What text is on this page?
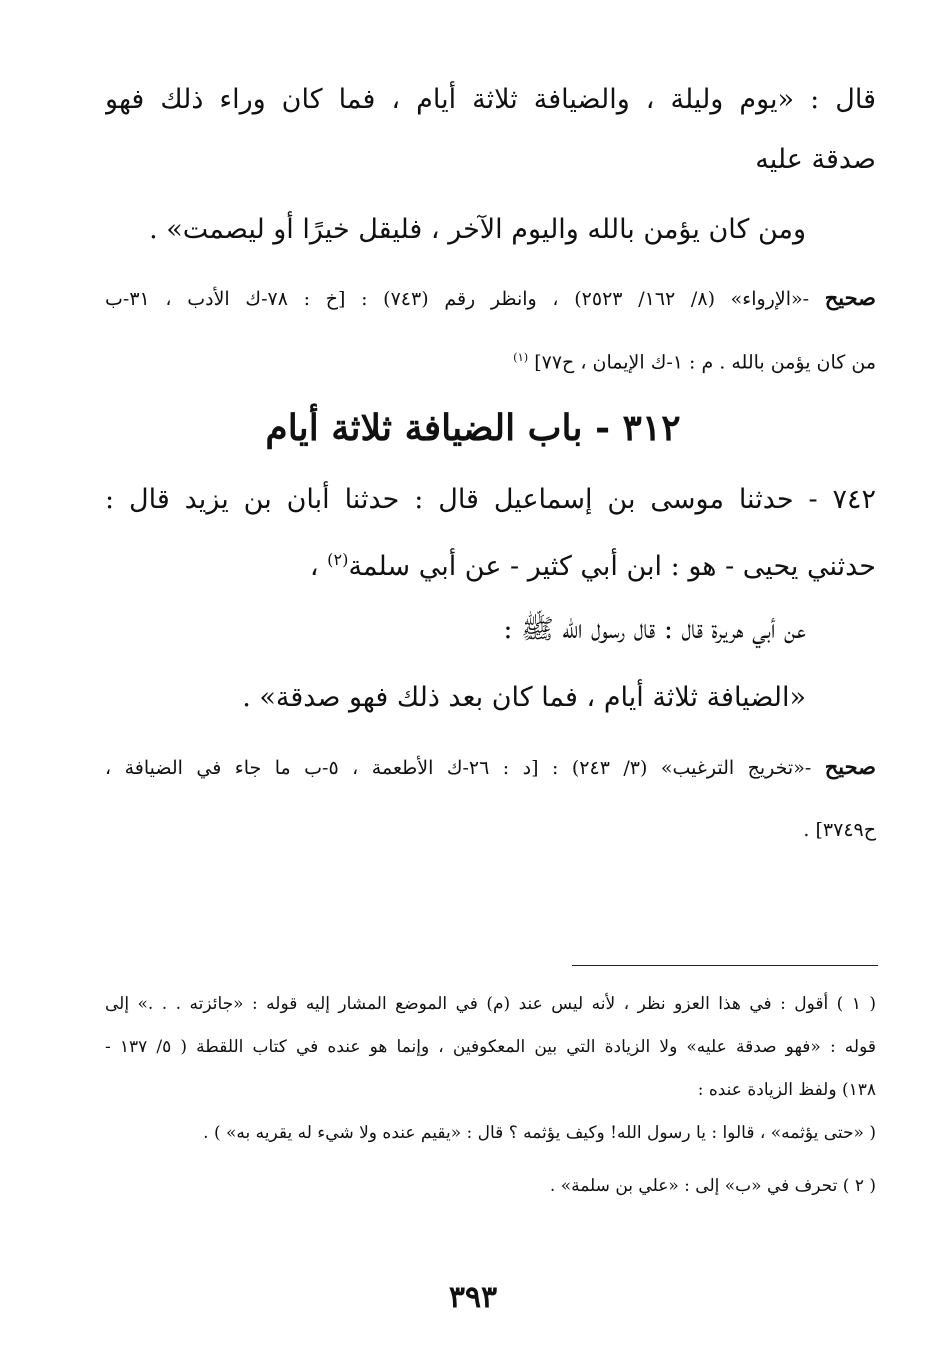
قال : «يوم وليلة ، والضيافة ثلاثة أيام ، فما كان وراء ذلك فهو
صدقة عليه
ومن كان يؤمن بالله واليوم الآخر ، فليقل خيرًا أو ليصمت» .
صحيح -«الإرواء» (٨/ ١٦٢/ ٢٥٢٣) ، وانظر رقم (٧٤٣) : [خ : ٧٨-ك الأدب ، ٣١-ب
من كان يؤمن بالله . م : ١-ك الإيمان ، ح٧٧] $^{(١)}$
٣١٢ - باب الضيافة ثلاثة أيام
٧٤٢ - حدثنا موسى بن إسماعيل قال : حدثنا أبان بن يزيد قال :
حدثني يحيى - هو : ابن أبي كثير - عن أبي سلمة$^{(٢)}$ ،
عن أبي هريرة قال : قال رسول الله ﷺ :
«الضيافة ثلاثة أيام ، فما كان بعد ذلك فهو صدقة» .
صحيح -«تخريج الترغيب» (٣/ ٢٤٣) : [د : ٢٦-ك الأطعمة ، ٥-ب ما جاء في الضيافة ،
ح٣٧٤٩] .
( ١ ) أقول : في هذا العزو نظر ، لأنه ليس عند (م) في الموضع المشار إليه قوله : «جائزته . . .» إلى
قوله : «فهو صدقة عليه» ولا الزيادة التي بين المعكوفين ، وإنما هو عنده في كتاب اللقطة ( ٥/ ١٣٧ -
١٣٨) ولفظ الزيادة عنده :
( «حتى يؤثمه» ، قالوا : يا رسول الله! وكيف يؤثمه ؟ قال : «يقيم عنده ولا شيء له يقريه به» ) .
( ٢ ) تحرف في «ب» إلى : «علي بن سلمة» .
٣٩٣
